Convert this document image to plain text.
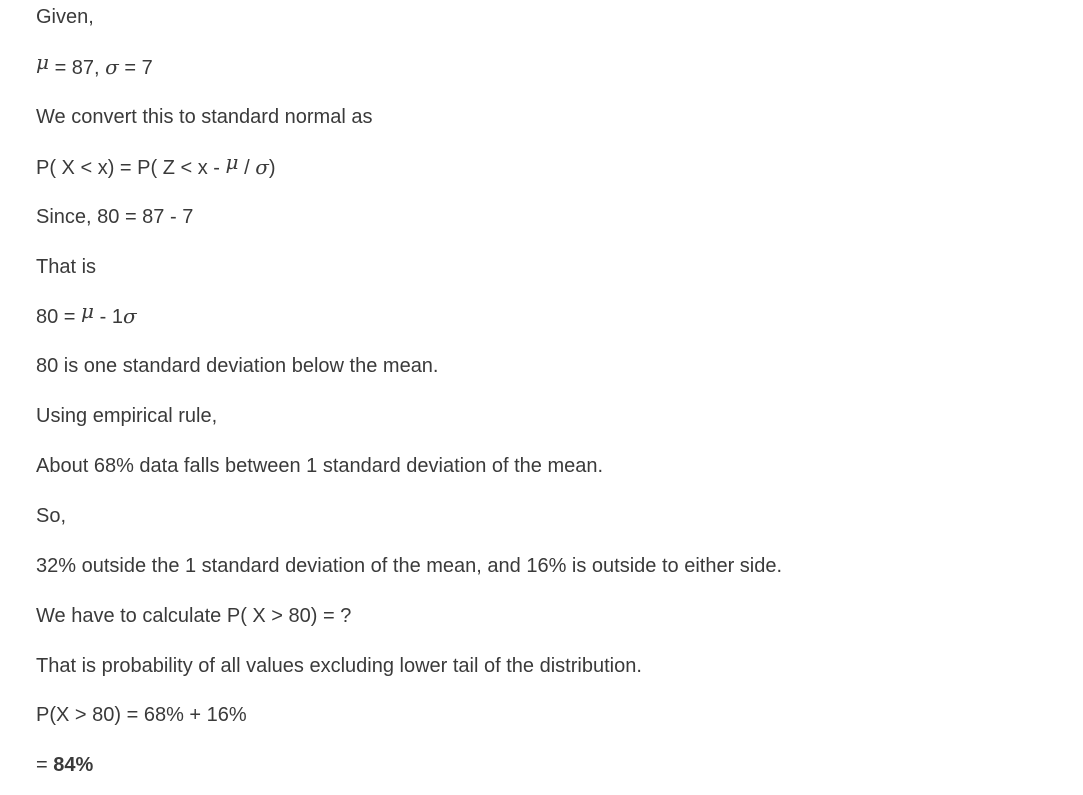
Given,
μ = 87, σ = 7
We convert this to standard normal as
P( X < x) = P( Z < x - μ / σ)
Since, 80 = 87 - 7
That is
80 = μ - 1σ
80 is one standard deviation below the mean.
Using empirical rule,
About 68% data falls between 1 standard deviation of the mean.
So,
32% outside the 1 standard deviation of the mean, and 16% is outside to either side.
We have to calculate P( X > 80) = ?
That is probability of all values excluding lower tail of the distribution.
P(X > 80) = 68% + 16%
= 84%
